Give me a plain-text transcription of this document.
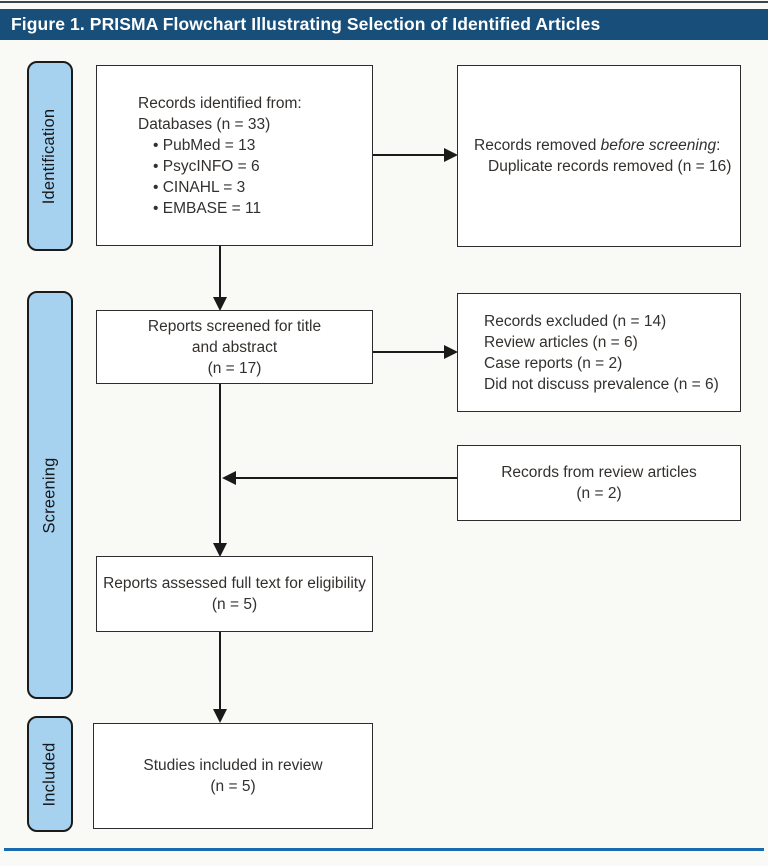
Figure 1. PRISMA Flowchart Illustrating Selection of Identified Articles
Identification
Screening
Included
Records identified from:
Databases (n = 33)
• PubMed = 13
• PsycINFO = 6
• CINAHL = 3
• EMBASE = 11
Records removed before screening:
Duplicate records removed (n = 16)
Reports screened for title
and abstract
(n = 17)
Records excluded (n = 14)
Review articles (n = 6)
Case reports (n = 2)
Did not discuss prevalence (n = 6)
Records from review articles
(n = 2)
Reports assessed full text for eligibility
(n = 5)
Studies included in review
(n = 5)
